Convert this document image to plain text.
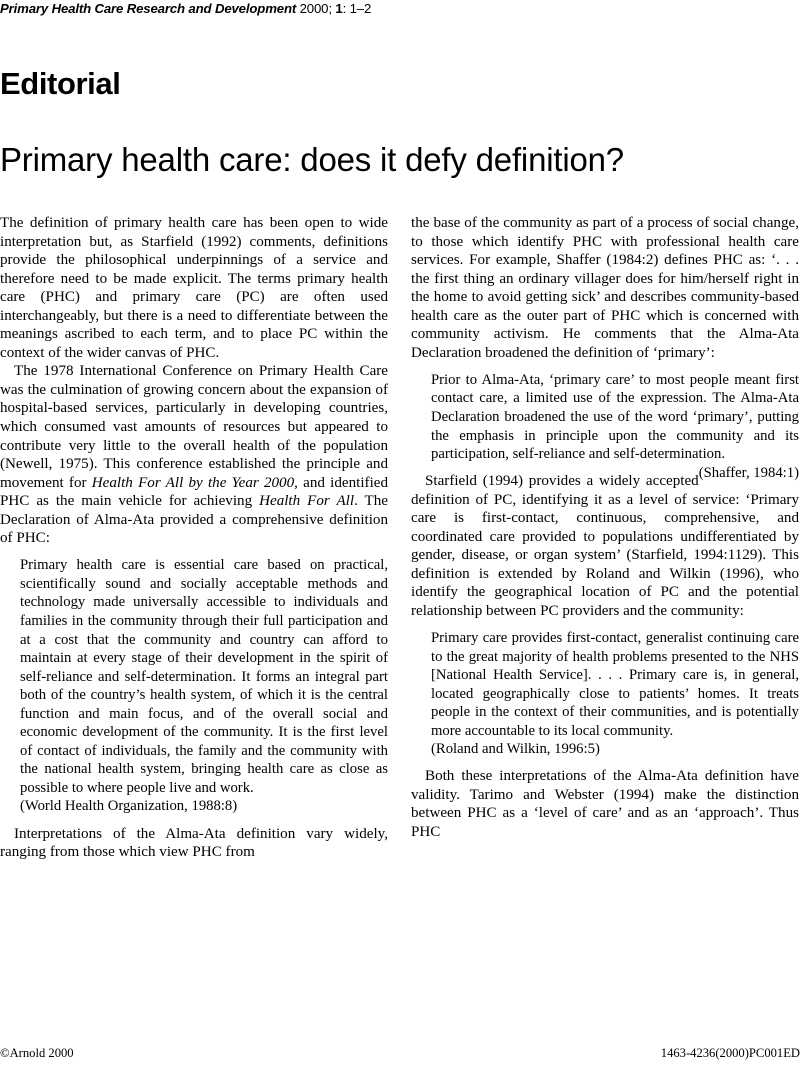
Primary Health Care Research and Development 2000; 1: 1–2
Editorial
Primary health care: does it defy definition?

The definition of primary health care has been open to wide interpretation but, as Starfield (1992) comments, definitions provide the philosophical underpinnings of a service and therefore need to be made explicit. The terms primary health care (PHC) and primary care (PC) are often used interchangeably, but there is a need to differentiate between the meanings ascribed to each term, and to place PC within the context of the wider canvas of PHC.

The 1978 International Conference on Primary Health Care was the culmination of growing concern about the expansion of hospital-based services, particularly in developing countries, which consumed vast amounts of resources but appeared to contribute very little to the overall health of the population (Newell, 1975). This conference established the principle and movement for Health For All by the Year 2000, and identified PHC as the main vehicle for achieving Health For All. The Declaration of Alma-Ata provided a comprehensive definition of PHC:

Primary health care is essential care based on practical, scientifically sound and socially acceptable methods and technology made universally accessible to individuals and families in the community through their full participation and at a cost that the community and country can afford to maintain at every stage of their development in the spirit of self-reliance and self-determination. It forms an integral part both of the country’s health system, of which it is the central function and main focus, and of the overall social and economic development of the community. It is the first level of contact of individuals, the family and the community with the national health system, bringing health care as close as possible to where people live and work.

(World Health Organization, 1988:8)

Interpretations of the Alma-Ata definition vary widely, ranging from those which view PHC from

the base of the community as part of a process of social change, to those which identify PHC with professional health care services. For example, Shaffer (1984:2) defines PHC as: ‘. . . the first thing an ordinary villager does for him/herself right in the home to avoid getting sick’ and describes community-based health care as the outer part of PHC which is concerned with community activism. He comments that the Alma-Ata Declaration broadened the definition of ‘primary’:

Prior to Alma-Ata, ‘primary care’ to most people meant first contact care, a limited use of the expression. The Alma-Ata Declaration broadened the use of the word ‘primary’, putting the emphasis in principle upon the community and its participation, self-reliance and self-determination.
(Shaffer, 1984:1)

Starfield (1994) provides a widely accepted definition of PC, identifying it as a level of service: ‘Primary care is first-contact, continuous, comprehensive, and coordinated care provided to populations undifferentiated by gender, disease, or organ system’ (Starfield, 1994:1129). This definition is extended by Roland and Wilkin (1996), who identify the geographical location of PC and the potential relationship between PC providers and the community:

Primary care provides first-contact, generalist continuing care to the great majority of health problems presented to the NHS [National Health Service]. . . . Primary care is, in general, located geographically close to patients’ homes. It treats people in the context of their communities, and is potentially more accountable to its local community.

(Roland and Wilkin, 1996:5)

Both these interpretations of the Alma-Ata definition have validity. Tarimo and Webster (1994) make the distinction between PHC as a ‘level of care’ and as an ‘approach’. Thus PHC

©Arnold 2000	1463-4236(2000)PC001ED
